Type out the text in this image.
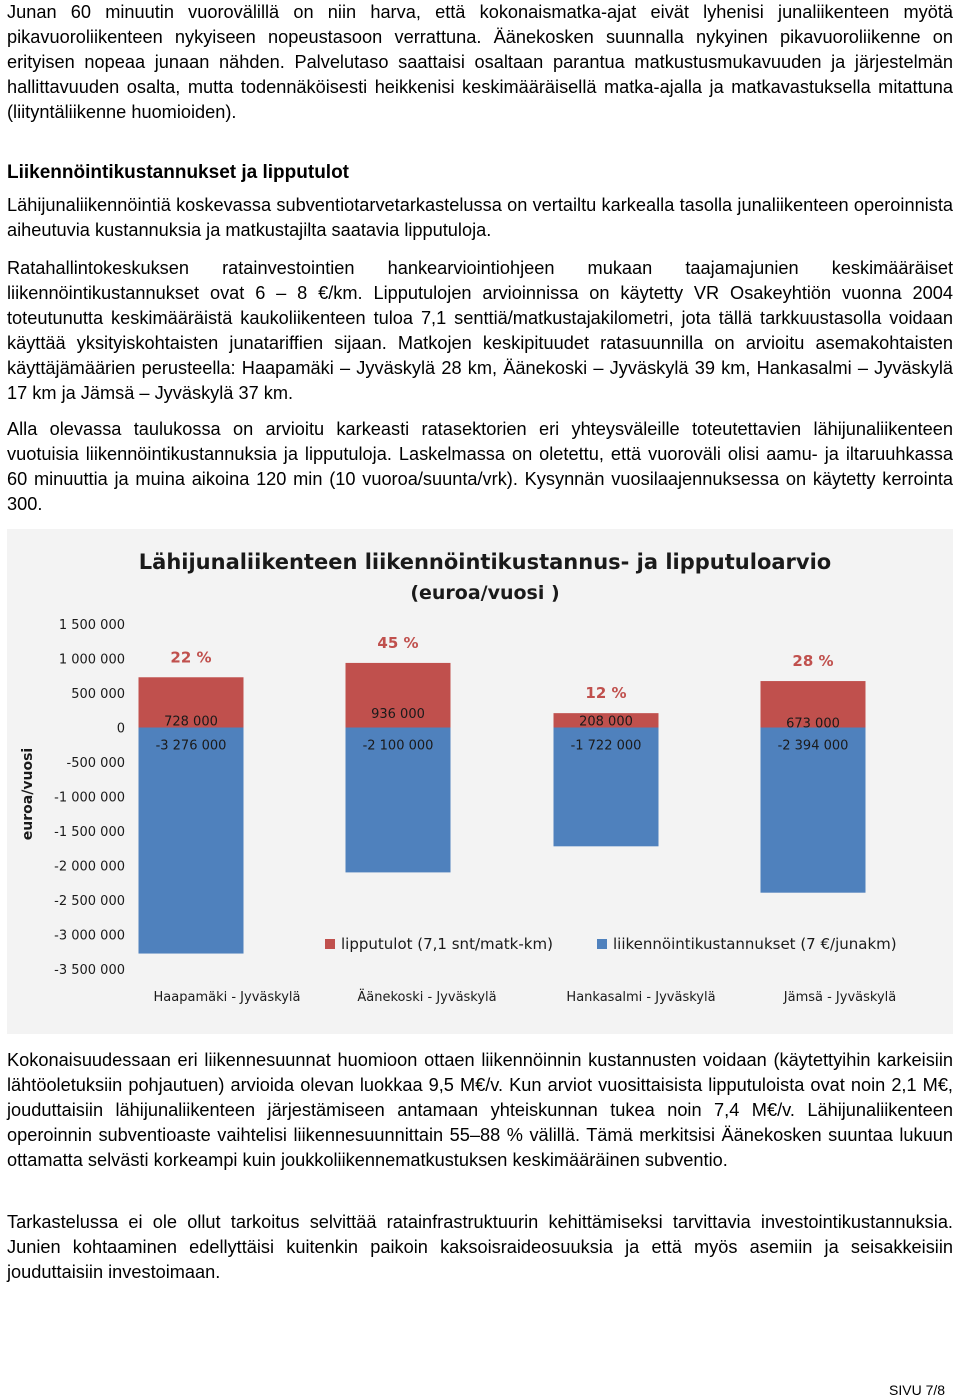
Junan 60 minuutin vuorovälillä on niin harva, että kokonaismatka-ajat eivät lyhenisi junaliikenteen myötä pikavuoroliikenteen nykyiseen nopeustasoon verrattuna. Äänekosken suunnalla nykyinen pikavuoroliikenne on erityisen nopeaa junaan nähden. Palvelutaso saattaisi osaltaan parantua matkustusmukavuuden ja järjestelmän hallittavuuden osalta, mutta todennäköisesti heikkenisi keskimääräisellä matka-ajalla ja matkavastuksella mitattuna (liityntäliikenne huomioiden).

Liikennöintikustannukset ja lipputulot

Lähijunaliikennöintiä koskevassa subventiotarvetarkastelussa on vertailtu karkealla tasolla junaliikenteen operoinnista aiheutuvia kustannuksia ja matkustajilta saatavia lipputuloja.

Ratahallintokeskuksen ratainvestointien hankearviointiohjeen mukaan taajamajunien keskimääräiset liikennöintikustannukset ovat 6 – 8 €/km. Lipputulojen arvioinnissa on käytetty VR Osakeyhtiön vuonna 2004 toteutunutta keskimääräistä kaukoliikenteen tuloa 7,1 senttiä/matkustajakilometri, jota tällä tarkkuustasolla voidaan käyttää yksityiskohtaisten junatariffien sijaan. Matkojen keskipituudet ratasuunnilla on arvioitu asemakohtaisten käyttäjämäärien perusteella: Haapamäki – Jyväskylä 28 km, Äänekoski – Jyväskylä 39 km, Hankasalmi – Jyväskylä 17 km ja Jämsä – Jyväskylä 37 km.

Alla olevassa taulukossa on arvioitu karkeasti ratasektorien eri yhteysväleille toteutettavien lähijunaliikenteen vuotuisia liikennöintikustannuksia ja lipputuloja. Laskelmassa on oletettu, että vuoroväli olisi aamu- ja iltaruuhkassa 60 minuuttia ja muina aikoina 120 min (10 vuoroa/suunta/vrk). Kysynnän vuosilaajennuksessa on käytetty kerrointa 300.

Lähijunaliikenteen liikennöintikustannus- ja lipputuloarvio
(euroa/vuosi )
euroa/vuosi
1 500 000
1 000 000
500 000
0
-500 000
-1 000 000
-1 500 000
-2 000 000
-2 500 000
-3 000 000
-3 500 000
728 000
-3 276 000
22 %
936 000
-2 100 000
45 %
208 000
-1 722 000
12 %
673 000
-2 394 000
28 %
lipputulot (7,1 snt/matk-km)	liikennöintikustannukset (7 €/junakm)
Haapamäki - Jyväskylä	Äänekoski - Jyväskylä	Hankasalmi - Jyväskylä	Jämsä - Jyväskylä

Kokonaisuudessaan eri liikennesuunnat huomioon ottaen liikennöinnin kustannusten voidaan (käytettyihin karkeisiin lähtöoletuksiin pohjautuen) arvioida olevan luokkaa 9,5 M€/v. Kun arviot vuosittaisista lipputuloista ovat noin 2,1 M€, jouduttaisiin lähijunaliikenteen järjestämiseen antamaan yhteiskunnan tukea noin 7,4 M€/v. Lähijunaliikenteen operoinnin subventioaste vaihtelisi liikennesuunnittain 55–88 % välillä. Tämä merkitsisi Äänekosken suuntaa lukuun ottamatta selvästi korkeampi kuin joukkoliikennematkustuksen keskimääräinen subventio.

Tarkastelussa ei ole ollut tarkoitus selvittää ratainfrastruktuurin kehittämiseksi tarvittavia investointikustannuksia. Junien kohtaaminen edellyttäisi kuitenkin paikoin kaksoisraideosuuksia ja että myös asemiin ja seisakkeisiin jouduttaisiin investoimaan.

SIVU 7/8
